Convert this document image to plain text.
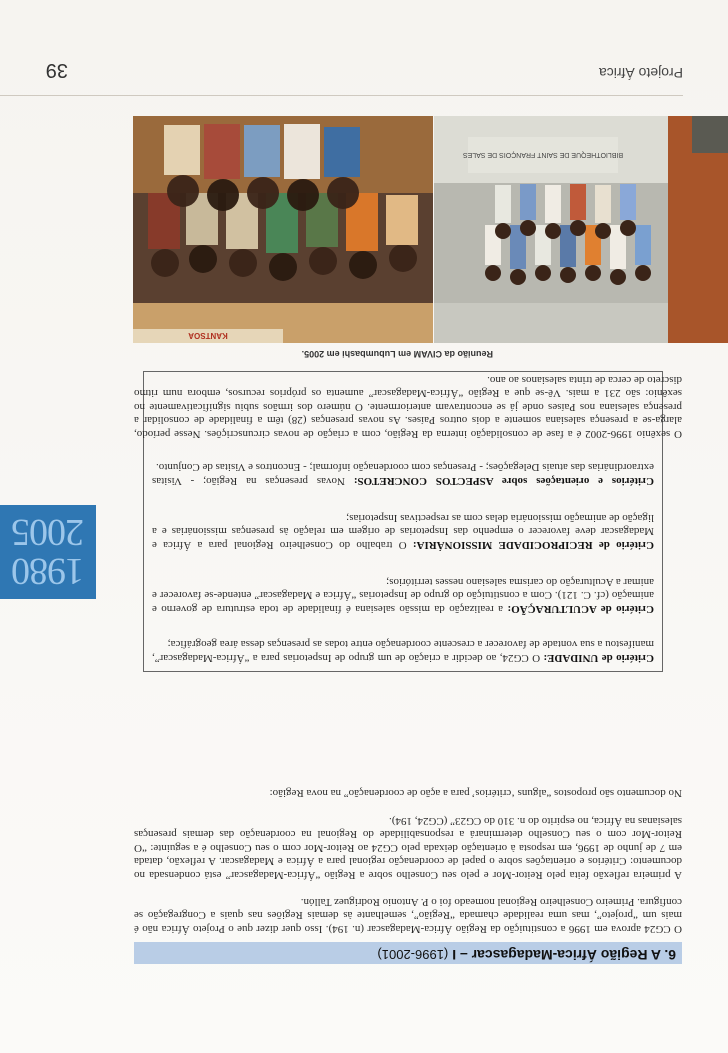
Projeto África
39
KANTSOA
BIBLIOTHEQUE DE SAINT FRANÇOIS DE SALES
Reunião da CIVAM em Lubumbashi em 2005.
6. A Região África-Madagascar – I (1996-2001)
O CG24 aprova em 1996 a constituição da Região África-Madagascar (n. 194). Isso quer dizer que o Projeto África não é mais um “projeto”, mas uma realidade chamada “Região”, semelhante às demais Regiões nas quais a Congregação se configura. Primeiro Conselheiro Regional nomeado foi o P. Antonio Rodriguez Tallón.
A primeira reflexão feita pelo Reitor-Mor e pelo seu Conselho sobre a Região “África-Madagascar” está condensada no documento: Critérios e orientações sobre o papel de coordenação regional para a África e Madagascar. A reflexão, datada em 7 de junho de 1996, em resposta à orientação deixada pelo CG24 ao Reitor-Mor com o seu Conselho é a seguinte: “O Reitor-Mor com o seu Conselho determinará a responsabilidade do Regional na coordenação das demais presenças salesianas na África, no espírito do n. 310 do CG23” (CG24, 194).
No documento são propostos “alguns ‘critérios’ para a ação de coordenação” na nova Região:
Critério de UNIDADE: O CG24, ao decidir a criação de um grupo de Inspetorias para a “África-Madagascar”, manifestou a sua vontade de favorecer a crescente coordenação entre todas as presenças dessa área geográfica;
Critério de ACULTURAÇÃO: a realização da missão salesiana é finalidade de toda estrutura de governo e animação (cf. C. 121). Com a constituição do grupo de Inspetorias “África e Madagascar” entende-se favorecer e animar a Aculturação do carisma salesiano nesses territórios;
Critério de RECIPROCIDADE MISSIONÁRIA: O trabalho do Conselheiro Regional para a África e Madagascar deve favorecer o empenho das Inspetorias de origem em relação às presenças missionárias e a ligação de animação missionária delas com as respectivas Inspetorias;
Critérios e orientações sobre ASPECTOS CONCRETOS: Novas presenças na Região; - Visitas extraordinárias das atuais Delegações; - Presenças com coordenação informal; - Encontros e Visitas de Conjunto.
O sexênio 1996-2002 é a fase de consolidação interna da Região, com a criação de novas circunscrições. Nesse período, alarga-se a presença salesiana somente a dois outros Países. As novas presenças (28) têm a finalidade de consolidar a presença salesiana nos Países onde já se encontravam anteriormente. O número dos irmãos subiu significativamente no sexênio: são 231 a mais. Vê-se que a Região “África-Madagascar” aumenta os próprios recursos, embora num ritmo discreto de cerca de trinta salesianos ao ano.
1980
2005
